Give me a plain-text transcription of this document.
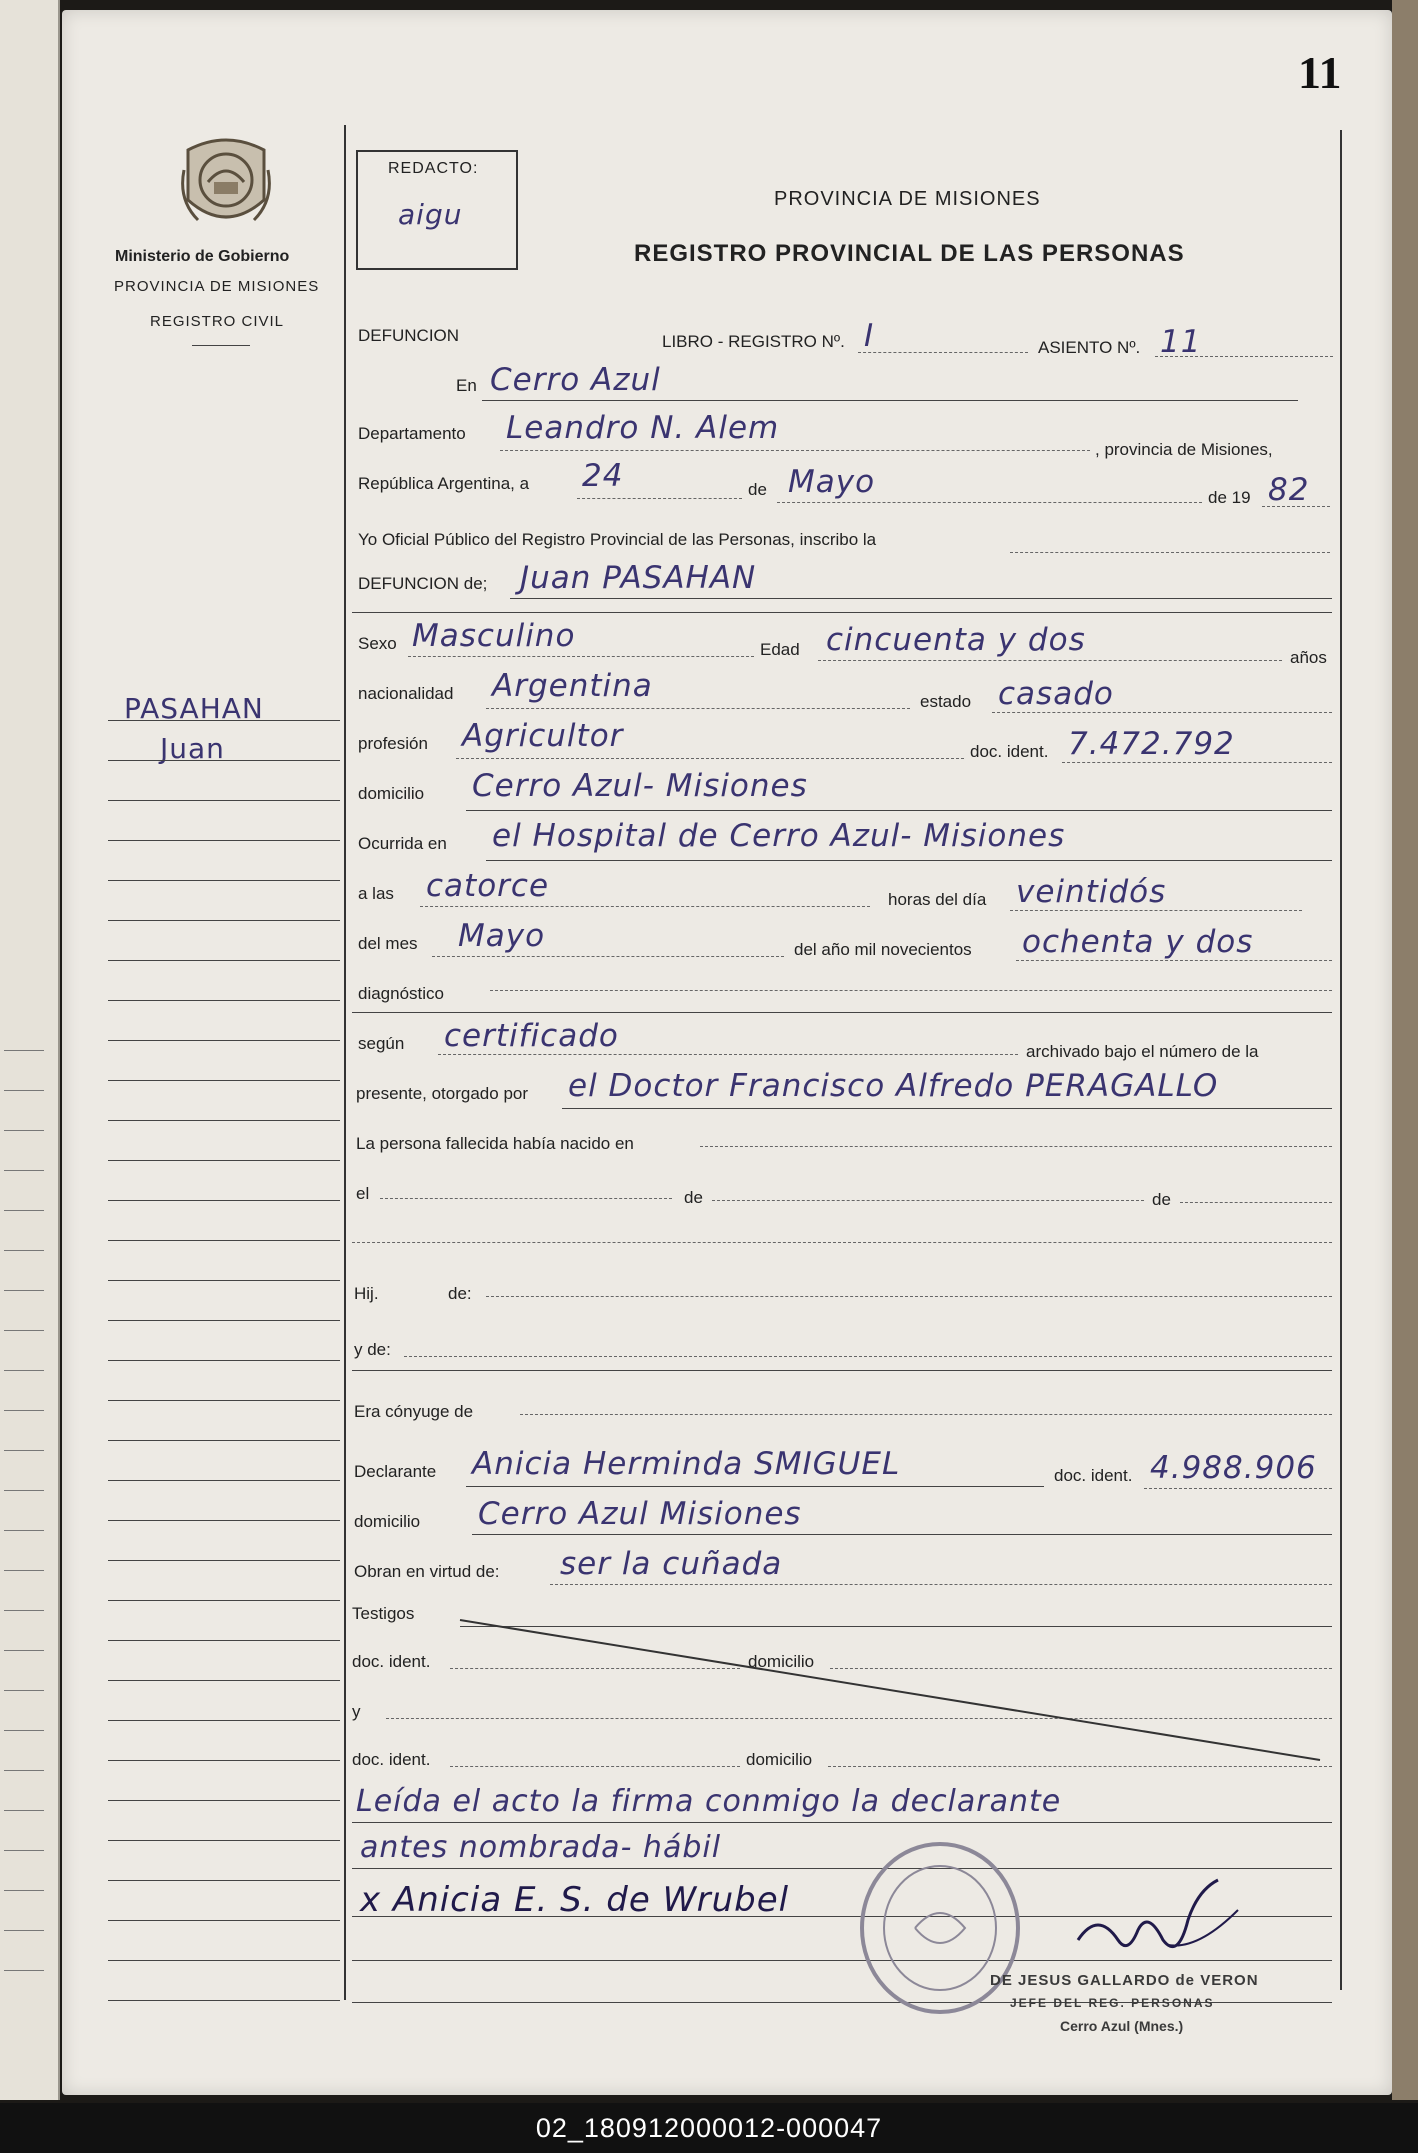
11
Ministerio de Gobierno
PROVINCIA DE MISIONES
REGISTRO CIVIL
REDACTO:
aigu	PROVINCIA DE MISIONES
REGISTRO PROVINCIAL DE LAS PERSONAS
PASAHAN
Juan
DEFUNCION	LIBRO - REGISTRO Nº. I	ASIENTO Nº. 11
En Cerro Azul
Departamento Leandro N. Alem
, provincia de Misiones,
República Argentina, a 24	de Mayo	de 19 82
Yo Oficial Público del Registro Provincial de las Personas, inscribo la
DEFUNCION de; Juan PASAHAN
Sexo Masculino	Edad cincuenta y dos	años
nacionalidad Argentina	estado casado
profesión Agricultor	doc. ident. 7.472.792
domicilio Cerro Azul- Misiones
Ocurrida en el Hospital de Cerro Azul- Misiones
a las catorce	horas del día veintidós
del mes Mayo	del año mil novecientos ochenta y dos
diagnóstico
según certificado	archivado bajo el número de la
presente, otorgado por el Doctor Francisco Alfredo PERAGALLO
La persona fallecida había nacido en
el	de	de
Hij.	de:
y de:
Era cónyuge de
Declarante Anicia Herminda SMIGUEL	doc. ident. 4.988.906
domicilio Cerro Azul Misiones
Obran en virtud de: ser la cuñada
Testigos
doc. ident.	domicilio
y
doc. ident.	domicilio
Leída el acto la firma conmigo la declarante
antes nombrada- hábil
x Anicia E. S. de Wrubel
DE JESUS GALLARDO de VERON
JEFE DEL REG. PERSONAS
Cerro Azul (Mnes.)
02_180912000012-000047
